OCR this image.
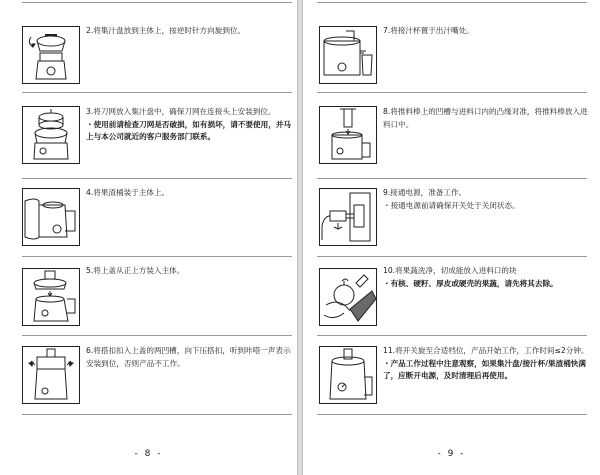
2.将集汁盘放到主体上，按逆时针方向旋到位。

3.将刀网放入集汁盘中，确保刀网在连接头上安装到位。

・使用前请检查刀网是否破损，如有损坏，请不要使用，并马上与本公司就近的客户服务部门联系。

4.将果渣桶装于主体上。

5.将上盖从正上方装入主体。

6.将搭扣扣入上盖的两凹槽，向下压搭扣，听到咔嗒一声表示安装到位，否则产品不工作。

- 8 -

7.将接汁杯置于出汁嘴处。

8.将推料棒上的凹槽与进料口内的凸缘对准，将推料棒放入进料口中。

9.接通电源，准备工作。

・接通电源前请确保开关处于关闭状态。

10.将果蔬洗净，切成能放入进料口的块

・有核、硬籽、厚皮或硬壳的果蔬，请先将其去除。

11.将开关旋至合适档位，产品开始工作，工作时间≤2分钟。

・产品工作过程中注意观察，如果集汁盘/接汁杯/果渣桶快满了，应断开电源，及时清理后再使用。

- 9 -
